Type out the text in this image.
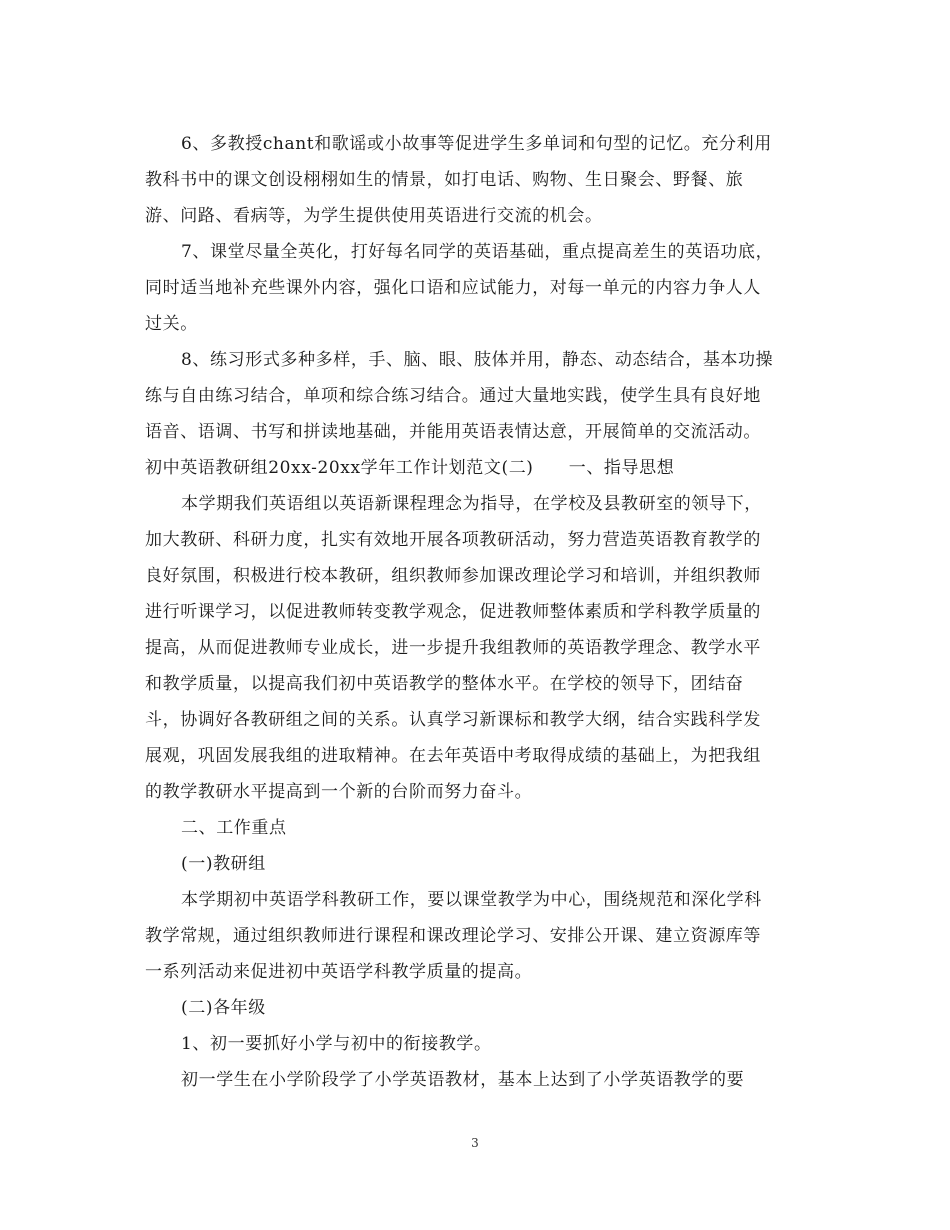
6、多教授chant和歌谣或小故事等促进学生多单词和句型的记忆。充分利用
教科书中的课文创设栩栩如生的情景，如打电话、购物、生日聚会、野餐、旅
游、问路、看病等，为学生提供使用英语进行交流的机会。
7、课堂尽量全英化，打好每名同学的英语基础，重点提高差生的英语功底，
同时适当地补充些课外内容，强化口语和应试能力，对每一单元的内容力争人人
过关。
8、练习形式多种多样，手、脑、眼、肢体并用，静态、动态结合，基本功操
练与自由练习结合，单项和综合练习结合。通过大量地实践，使学生具有良好地
语音、语调、书写和拼读地基础，并能用英语表情达意，开展简单的交流活动。
初中英语教研组20xx-20xx学年工作计划范文(二)　　一、指导思想
本学期我们英语组以英语新课程理念为指导，在学校及县教研室的领导下，
加大教研、科研力度，扎实有效地开展各项教研活动，努力营造英语教育教学的
良好氛围，积极进行校本教研，组织教师参加课改理论学习和培训，并组织教师
进行听课学习，以促进教师转变教学观念，促进教师整体素质和学科教学质量的
提高，从而促进教师专业成长，进一步提升我组教师的英语教学理念、教学水平
和教学质量，以提高我们初中英语教学的整体水平。在学校的领导下，团结奋
斗，协调好各教研组之间的关系。认真学习新课标和教学大纲，结合实践科学发
展观，巩固发展我组的进取精神。在去年英语中考取得成绩的基础上，为把我组
的教学教研水平提高到一个新的台阶而努力奋斗。
二、工作重点
(一)教研组
本学期初中英语学科教研工作，要以课堂教学为中心，围绕规范和深化学科
教学常规，通过组织教师进行课程和课改理论学习、安排公开课、建立资源库等
一系列活动来促进初中英语学科教学质量的提高。
(二)各年级
1、初一要抓好小学与初中的衔接教学。
初一学生在小学阶段学了小学英语教材，基本上达到了小学英语教学的要
3
